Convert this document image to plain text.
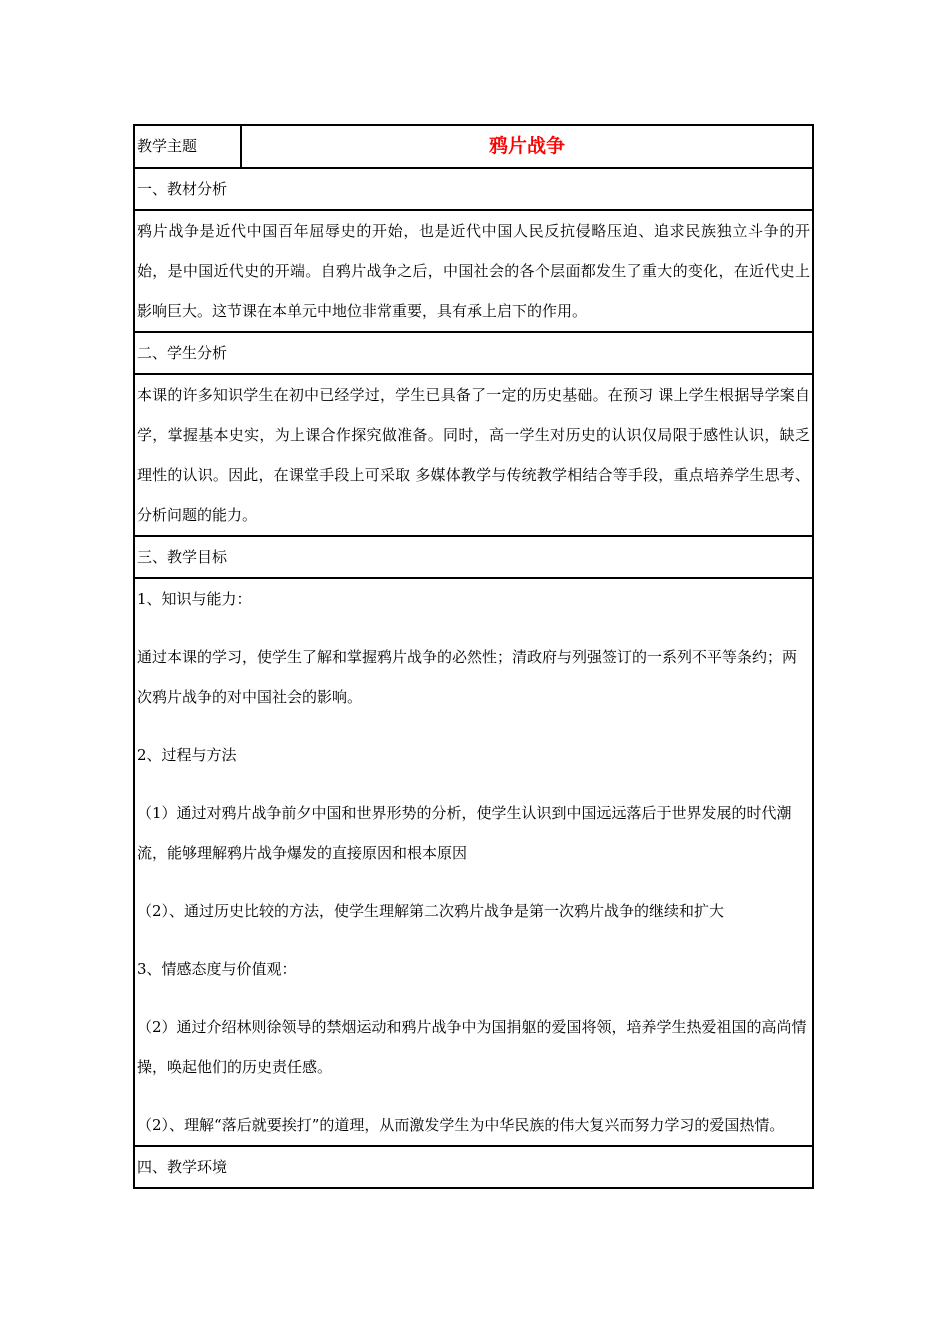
教学主题	鸦片战争
一、教材分析

鸦片战争是近代中国百年屈辱史的开始，也是近代中国人民反抗侵略压迫、追求民族独立斗争的开始，是中国近代史的开端。自鸦片战争之后，中国社会的各个层面都发生了重大的变化，在近代史上影响巨大。这节课在本单元中地位非常重要，具有承上启下的作用。

二、学生分析

本课的许多知识学生在初中已经学过，学生已具备了一定的历史基础。在预习 课上学生根据导学案自学，掌握基本史实，为上课合作探究做准备。同时，高一学生对历史的认识仅局限于感性认识，缺乏理性的认识。因此，在课堂手段上可采取 多媒体教学与传统教学相结合等手段，重点培养学生思考、分析问题的能力。

三、教学目标

1、知识与能力：

通过本课的学习，使学生了解和掌握鸦片战争的必然性；清政府与列强签订的一系列不平等条约；两次鸦片战争的对中国社会的影响。

2、过程与方法

（1）通过对鸦片战争前夕中国和世界形势的分析，使学生认识到中国远远落后于世界发展的时代潮流，能够理解鸦片战争爆发的直接原因和根本原因

（2）、通过历史比较的方法，使学生理解第二次鸦片战争是第一次鸦片战争的继续和扩大

3、情感态度与价值观：

（2）通过介绍林则徐领导的禁烟运动和鸦片战争中为国捐躯的爱国将领，培养学生热爱祖国的高尚情操，唤起他们的历史责任感。

（2）、理解“落后就要挨打”的道理，从而激发学生为中华民族的伟大复兴而努力学习的爱国热情。

四、教学环境
